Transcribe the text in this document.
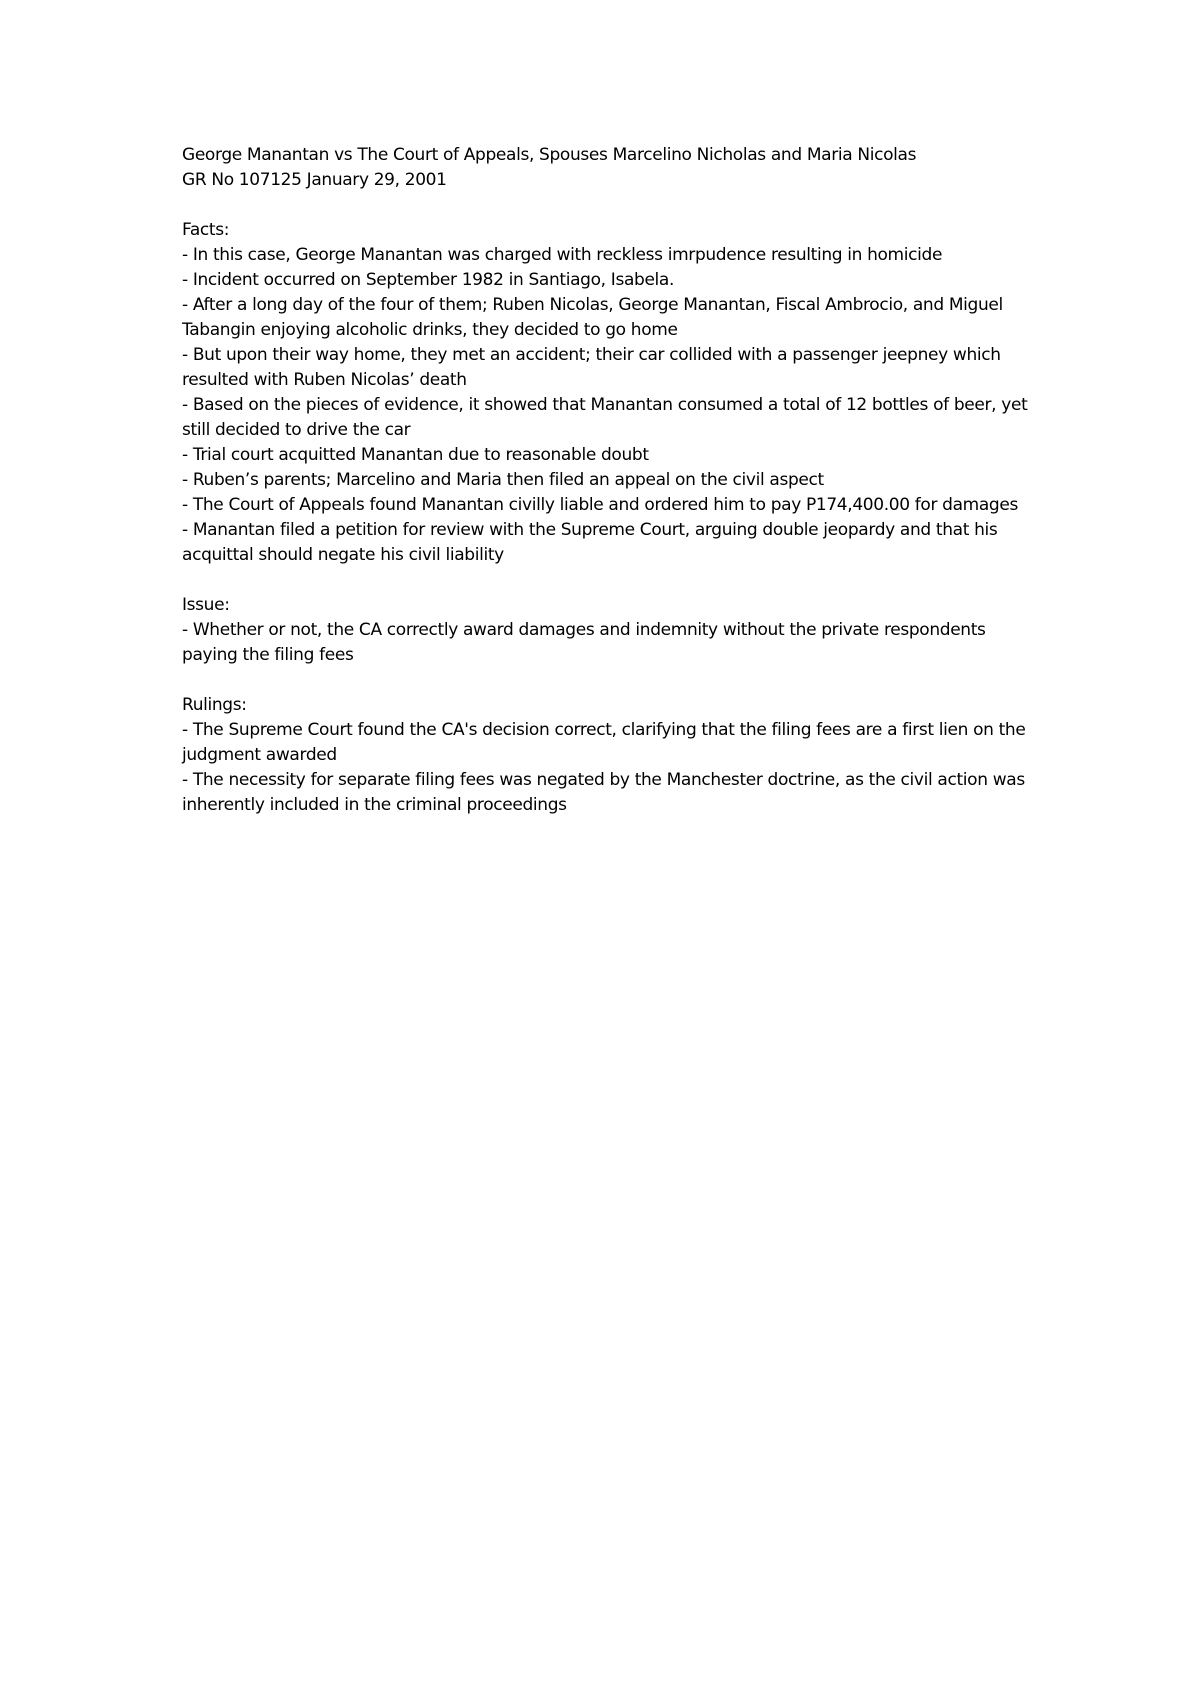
George Manantan vs The Court of Appeals, Spouses Marcelino Nicholas and Maria Nicolas
GR No 107125 January 29, 2001
Facts:
- In this case, George Manantan was charged with reckless imrpudence resulting in homicide
- Incident occurred on September 1982 in Santiago, Isabela.
- After a long day of the four of them; Ruben Nicolas, George Manantan, Fiscal Ambrocio, and Miguel Tabangin enjoying alcoholic drinks, they decided to go home
- But upon their way home, they met an accident; their car collided with a passenger jeepney which resulted with Ruben Nicolas’ death
- Based on the pieces of evidence, it showed that Manantan consumed a total of 12 bottles of beer, yet still decided to drive the car
- Trial court acquitted Manantan due to reasonable doubt
- Ruben’s parents; Marcelino and Maria then filed an appeal on the civil aspect
- The Court of Appeals found Manantan civilly liable and ordered him to pay P174,400.00 for damages
- Manantan filed a petition for review with the Supreme Court, arguing double jeopardy and that his acquittal should negate his civil liability
Issue:
- Whether or not, the CA correctly award damages and indemnity without the private respondents paying the filing fees
Rulings:
- The Supreme Court found the CA's decision correct, clarifying that the filing fees are a first lien on the judgment awarded
- The necessity for separate filing fees was negated by the Manchester doctrine, as the civil action was inherently included in the criminal proceedings
